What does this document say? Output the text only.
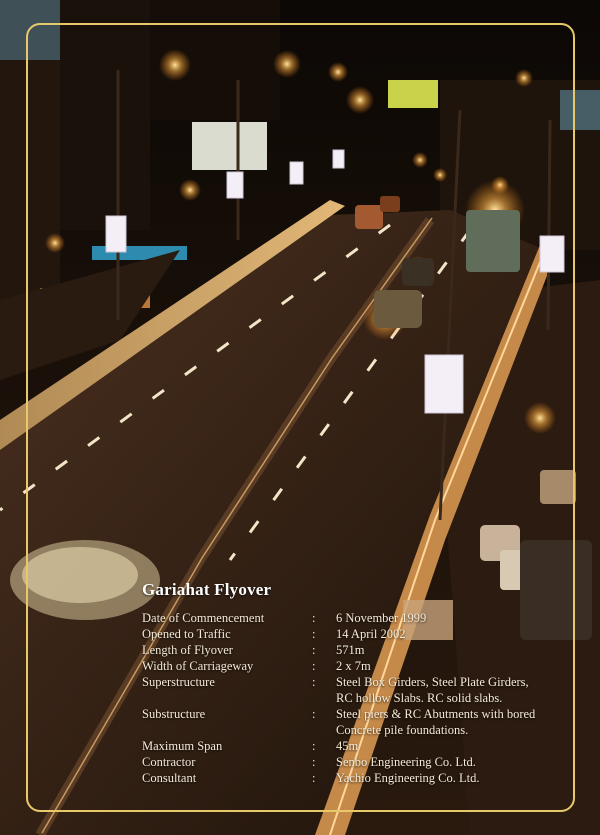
Gariahat Flyover
Date of Commencement	:	6 November 1999
Opened to Traffic	:	14 April 2002
Length of Flyover	:	571m
Width of Carriageway	:	2 x 7m
Superstructure	:	Steel Box Girders, Steel Plate Girders,
RC hollow Slabs. RC solid slabs.
Substructure	:	Steel piers & RC Abutments with bored
Concrete pile foundations.
Maximum Span	:	45m
Contractor	:	Senbo Engineering Co. Ltd.
Consultant	:	Yachio Engineering Co. Ltd.
